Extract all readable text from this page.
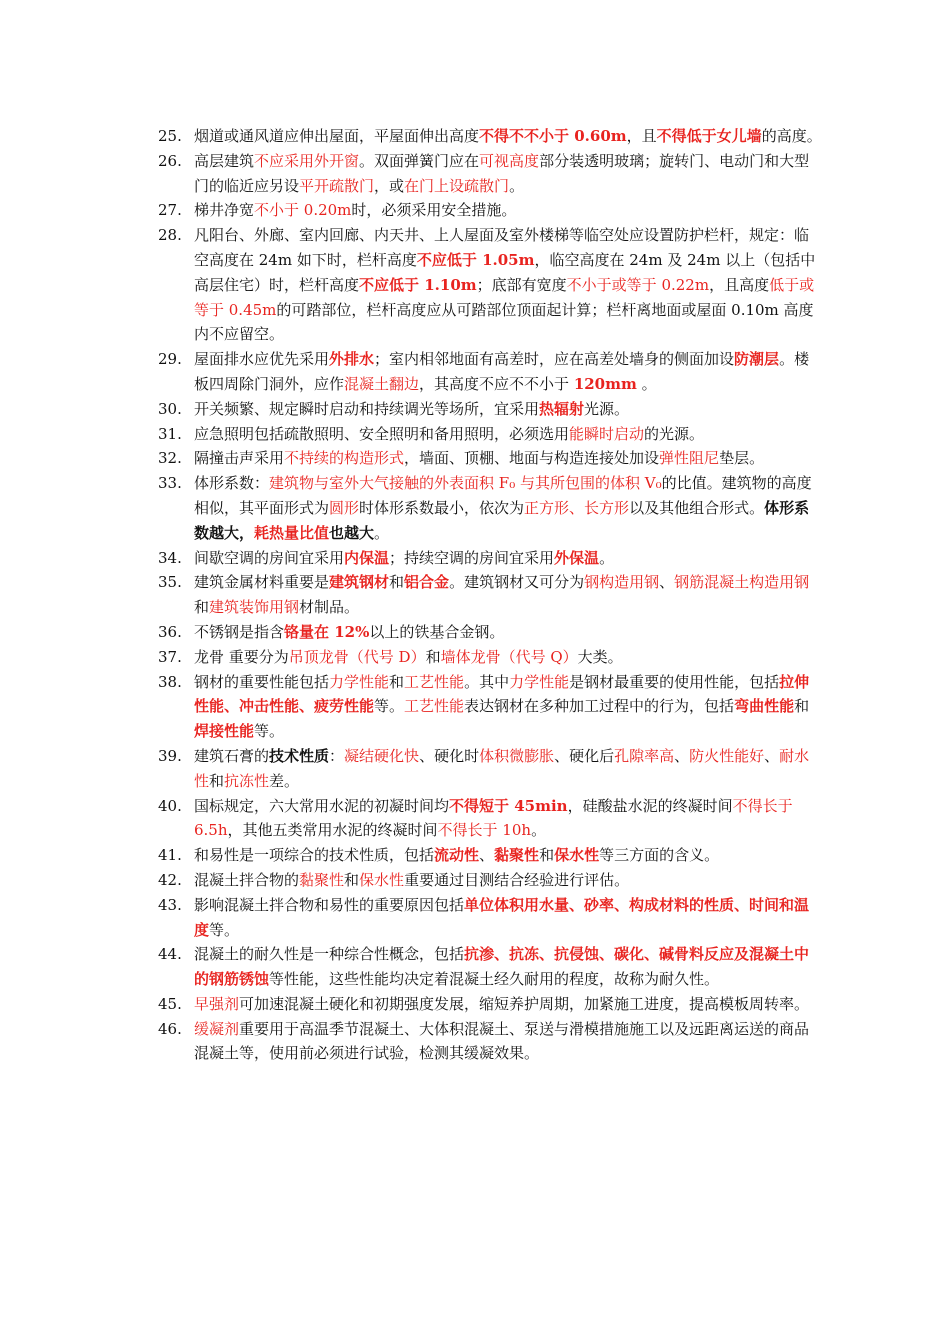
25. 烟道或通风道应伸出屋面，平屋面伸出高度不得不不小于 0.60m，且不得低于女儿墙的高度。

26. 高层建筑不应采用外开窗。双面弹簧门应在可视高度部分装透明玻璃；旋转门、电动门和大型门的临近应另设平开疏散门，或在门上设疏散门。

27. 梯井净宽不小于 0.20m时，必须采用安全措施。

28. 凡阳台、外廊、室内回廊、内天井、上人屋面及室外楼梯等临空处应设置防护栏杆，规定：临空高度在 24m 如下时，栏杆高度不应低于 1.05m，临空高度在 24m 及 24m 以上（包括中高层住宅）时，栏杆高度不应低于 1.10m；底部有宽度不小于或等于 0.22m，且高度低于或等于 0.45m的可踏部位，栏杆高度应从可踏部位顶面起计算；栏杆离地面或屋面 0.10m 高度内不应留空。

29. 屋面排水应优先采用外排水；室内相邻地面有高差时，应在高差处墙身的侧面加设防潮层。楼板四周除门洞外，应作混凝土翻边，其高度不应不不小于 120mm 。

30. 开关频繁、规定瞬时启动和持续调光等场所，宜采用热辐射光源。

31. 应急照明包括疏散照明、安全照明和备用照明，必须选用能瞬时启动的光源。

32. 隔撞击声采用不持续的构造形式，墙面、顶棚、地面与构造连接处加设弹性阻尼垫层。

33. 体形系数：建筑物与室外大气接触的外表面积 F₀ 与其所包围的体积 V₀的比值。建筑物的高度相似，其平面形式为圆形时体形系数最小，依次为正方形、长方形以及其他组合形式。体形系数越大，耗热量比值也越大。

34. 间歇空调的房间宜采用内保温；持续空调的房间宜采用外保温。

35. 建筑金属材料重要是建筑钢材和铝合金。建筑钢材又可分为钢构造用钢、钢筋混凝土构造用钢和建筑装饰用钢材制品。

36. 不锈钢是指含铬量在 12%以上的铁基合金钢。

37. 龙骨 重要分为吊顶龙骨（代号 D）和墙体龙骨（代号 Q）大类。

38. 钢材的重要性能包括力学性能和工艺性能。其中力学性能是钢材最重要的使用性能，包括拉伸性能、冲击性能、疲劳性能等。工艺性能表达钢材在多种加工过程中的行为，包括弯曲性能和焊接性能等。

39. 建筑石膏的技术性质：凝结硬化快、硬化时体积微膨胀、硬化后孔隙率高、防火性能好、耐水性和抗冻性差。

40. 国标规定，六大常用水泥的初凝时间均不得短于 45min，硅酸盐水泥的终凝时间不得长于 6.5h，其他五类常用水泥的终凝时间不得长于 10h。

41. 和易性是一项综合的技术性质，包括流动性、黏聚性和保水性等三方面的含义。

42. 混凝土拌合物的黏聚性和保水性重要通过目测结合经验进行评估。

43. 影响混凝土拌合物和易性的重要原因包括单位体积用水量、砂率、构成材料的性质、时间和温度等。

44. 混凝土的耐久性是一种综合性概念，包括抗渗、抗冻、抗侵蚀、碳化、碱骨料反应及混凝土中的钢筋锈蚀等性能，这些性能均决定着混凝土经久耐用的程度，故称为耐久性。

45. 早强剂可加速混凝土硬化和初期强度发展，缩短养护周期，加紧施工进度，提高模板周转率。

46. 缓凝剂重要用于高温季节混凝土、大体积混凝土、泵送与滑模措施施工以及远距离运送的商品混凝土等，使用前必须进行试验，检测其缓凝效果。
